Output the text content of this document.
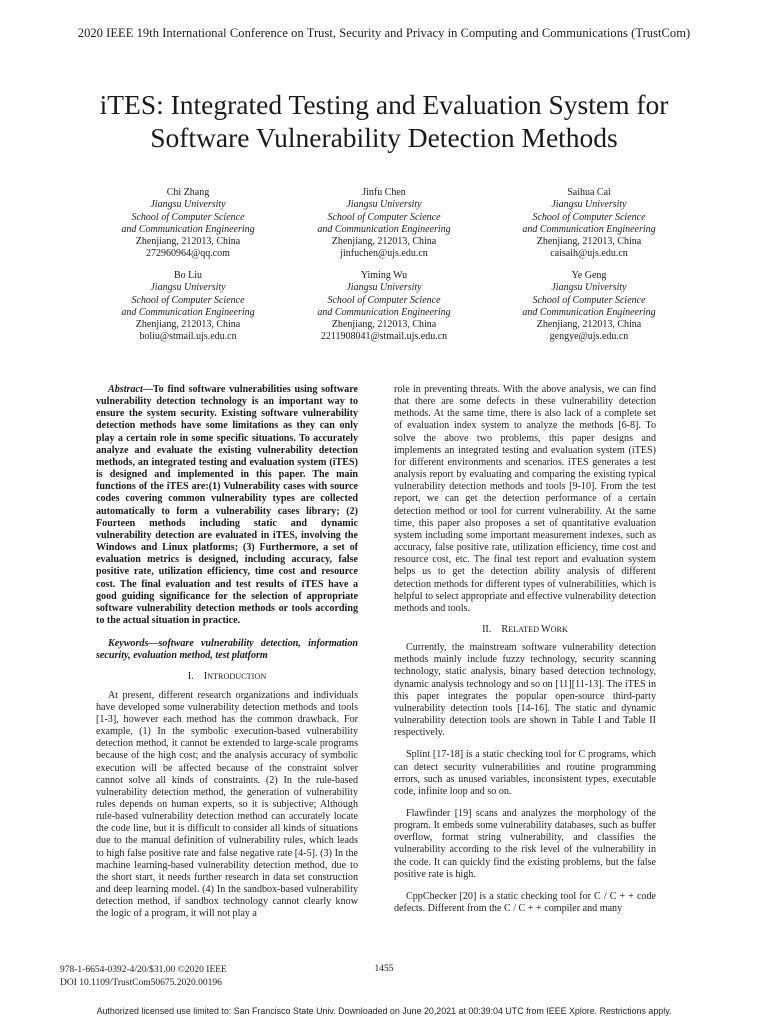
2020 IEEE 19th International Conference on Trust, Security and Privacy in Computing and Communications (TrustCom)
iTES: Integrated Testing and Evaluation System for
Software Vulnerability Detection Methods
Chi Zhang
Jiangsu University
School of Computer Science
and Communication Engineering
Zhenjiang, 212013, China
272960964@qq.com
Jinfu Chen
Jiangsu University
School of Computer Science
and Communication Engineering
Zhenjiang, 212013, China
jinfuchen@ujs.edu.cn
Saihua Cai
Jiangsu University
School of Computer Science
and Communication Engineering
Zhenjiang, 212013, China
caisaih@ujs.edu.cn
Bo Liu
Jiangsu University
School of Computer Science
and Communication Engineering
Zhenjiang, 212013, China
boliu@stmail.ujs.edu.cn
Yiming Wu
Jiangsu University
School of Computer Science
and Communication Engineering
Zhenjiang, 212013, China
2211908041@stmail.ujs.edu.cn
Ye Geng
Jiangsu University
School of Computer Science
and Communication Engineering
Zhenjiang, 212013, China
gengye@ujs.edu.cn

Abstract—To find software vulnerabilities using software vulnerability detection technology is an important way to ensure the system security. Existing software vulnerability detection methods have some limitations as they can only play a certain role in some specific situations. To accurately analyze and evaluate the existing vulnerability detection methods, an integrated testing and evaluation system (iTES) is designed and implemented in this paper. The main functions of the iTES are:(1) Vulnerability cases with source codes covering common vulnerability types are collected automatically to form a vulnerability cases library; (2) Fourteen methods including static and dynamic vulnerability detection are evaluated in iTES, involving the Windows and Linux platforms; (3) Furthermore, a set of evaluation metrics is designed, including accuracy, false positive rate, utilization efficiency, time cost and resource cost. The final evaluation and test results of iTES have a good guiding significance for the selection of appropriate software vulnerability detection methods or tools according to the actual situation in practice.

Keywords—software vulnerability detection, information security, evaluation method, test platform

I. INTRODUCTION

At present, different research organizations and individuals have developed some vulnerability detection methods and tools [1-3], however each method has the common drawback. For example, (1) In the symbolic execution-based vulnerability detection method, it cannot be extended to large-scale programs because of the high cost; and the analysis accuracy of symbolic execution will be affected because of the constraint solver cannot solve all kinds of constraints. (2) In the rule-based vulnerability detection method, the generation of vulnerability rules depends on human experts, so it is subjective; Although rule-based vulnerability detection method can accurately locate the code line, but it is difficult to consider all kinds of situations due to the manual definition of vulnerability rules, which leads to high false positive rate and false negative rate [4-5]. (3) In the machine learning-based vulnerability detection method, due to the short start, it needs further research in data set construction and deep learning model. (4) In the sandbox-based vulnerability detection method, if sandbox technology cannot clearly know the logic of a program, it will not play a

role in preventing threats. With the above analysis, we can find that there are some defects in these vulnerability detection methods. At the same time, there is also lack of a complete set of evaluation index system to analyze the methods [6-8]. To solve the above two problems, this paper designs and implements an integrated testing and evaluation system (iTES) for different environments and scenarios. iTES generates a test analysis report by evaluating and comparing the existing typical vulnerability detection methods and tools [9-10]. From the test report, we can get the detection performance of a certain detection method or tool for current vulnerability. At the same time, this paper also proposes a set of quantitative evaluation system including some important measurement indexes, such as accuracy, false positive rate, utilization efficiency, time cost and resource cost, etc. The final test report and evaluation system helps us to get the detection ability analysis of different detection methods for different types of vulnerabilities, which is helpful to select appropriate and effective vulnerability detection methods and tools.

II. RELATED WORK

Currently, the mainstream software vulnerability detection methods mainly include fuzzy technology, security scanning technology, static analysis, binary based detection technology, dynamic analysis technology and so on [11][11-13]. The iTES in this paper integrates the popular open-source third-party vulnerability detection tools [14-16]. The static and dynamic vulnerability detection tools are shown in Table I and Table II respectively.

Splint [17-18] is a static checking tool for C programs, which can detect security vulnerabilities and routine programming errors, such as unused variables, inconsistent types, executable code, infinite loop and so on.

Flawfinder [19] scans and analyzes the morphology of the program. It embeds some vulnerability databases, such as buffer overflow, format string vulnerability, and classifies the vulnerability according to the risk level of the vulnerability in the code. It can quickly find the existing problems, but the false positive rate is high.

CppChecker [20] is a static checking tool for C / C + + code defects. Different from the C / C + + compiler and many

978-1-6654-0392-4/20/$31.00 ©2020 IEEE
DOI 10.1109/TrustCom50675.2020.00196
1455
Authorized licensed use limited to: San Francisco State Univ. Downloaded on June 20,2021 at 00:39:04 UTC from IEEE Xplore. Restrictions apply.
